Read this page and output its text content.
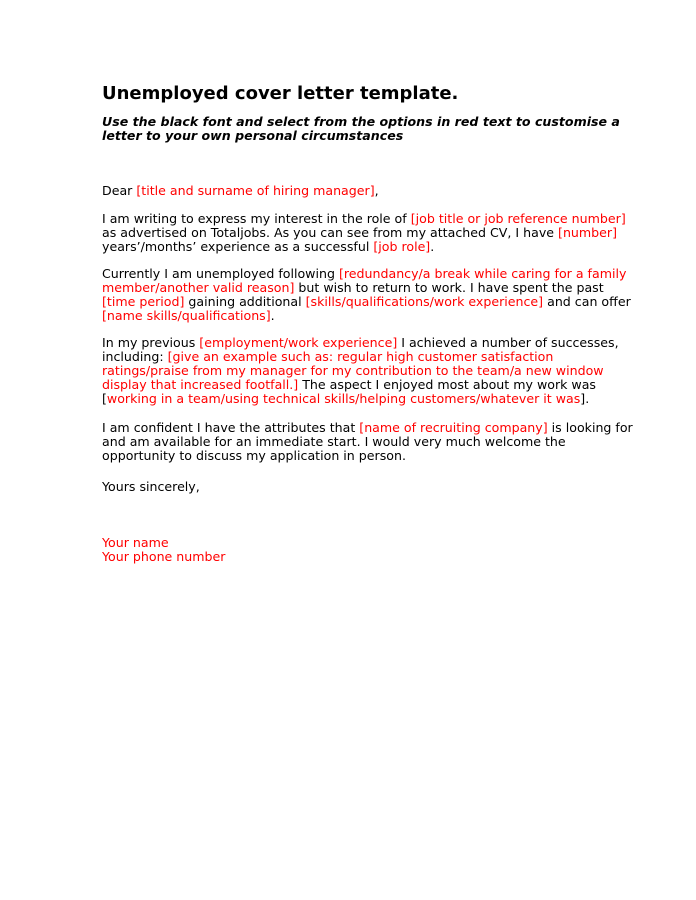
Unemployed cover letter template.
Use the black font and select from the options in red text to customise a
letter to your own personal circumstances
Dear [title and surname of hiring manager],
I am writing to express my interest in the role of [job title or job reference number]
as advertised on Totaljobs. As you can see from my attached CV, I have [number]
years’/months’ experience as a successful [job role].
Currently I am unemployed following [redundancy/a break while caring for a family
member/another valid reason] but wish to return to work. I have spent the past
[time period] gaining additional [skills/qualifications/work experience] and can offer
[name skills/qualifications].
In my previous [employment/work experience] I achieved a number of successes,
including: [give an example such as: regular high customer satisfaction
ratings/praise from my manager for my contribution to the team/a new window
display that increased footfall.] The aspect I enjoyed most about my work was
[working in a team/using technical skills/helping customers/whatever it was].
I am confident I have the attributes that [name of recruiting company] is looking for
and am available for an immediate start. I would very much welcome the
opportunity to discuss my application in person.
Yours sincerely,
Your name
Your phone number
